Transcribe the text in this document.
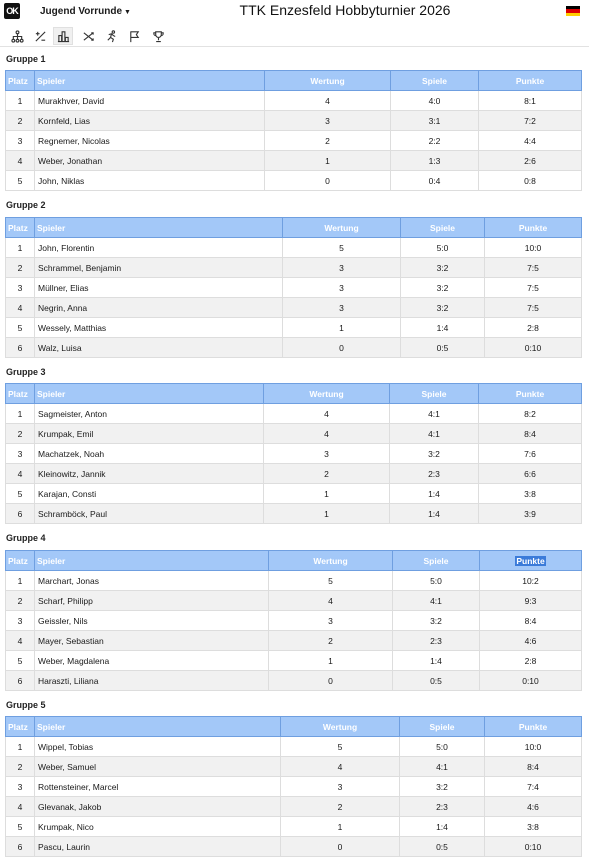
OK Jugend Vorrunde ▼	TTK Enzesfeld Hobbyturnier 2026
Gruppe 1
Platz	Spieler	Wertung	Spiele	Punkte
1	Murakhver, David	4	4:0	8:1
2	Kornfeld, Lias	3	3:1	7:2
3	Regnemer, Nicolas	2	2:2	4:4
4	Weber, Jonathan	1	1:3	2:6
5	John, Niklas	0	0:4	0:8
Gruppe 2
Platz	Spieler	Wertung	Spiele	Punkte
1	John, Florentin	5	5:0	10:0
2	Schrammel, Benjamin	3	3:2	7:5
3	Müllner, Elias	3	3:2	7:5
4	Negrin, Anna	3	3:2	7:5
5	Wessely, Matthias	1	1:4	2:8
6	Walz, Luisa	0	0:5	0:10
Gruppe 3
Platz	Spieler	Wertung	Spiele	Punkte
1	Sagmeister, Anton	4	4:1	8:2
2	Krumpak, Emil	4	4:1	8:4
3	Machatzek, Noah	3	3:2	7:6
4	Kleinowitz, Jannik	2	2:3	6:6
5	Karajan, Consti	1	1:4	3:8
6	Schramböck, Paul	1	1:4	3:9
Gruppe 4
Platz	Spieler	Wertung	Spiele	Punkte
1	Marchart, Jonas	5	5:0	10:2
2	Scharf, Philipp	4	4:1	9:3
3	Geissler, Nils	3	3:2	8:4
4	Mayer, Sebastian	2	2:3	4:6
5	Weber, Magdalena	1	1:4	2:8
6	Haraszti, Liliana	0	0:5	0:10
Gruppe 5
Platz	Spieler	Wertung	Spiele	Punkte
1	Wippel, Tobias	5	5:0	10:0
2	Weber, Samuel	4	4:1	8:4
3	Rottensteiner, Marcel	3	3:2	7:4
4	Glevanak, Jakob	2	2:3	4:6
5	Krumpak, Nico	1	1:4	3:8
6	Pascu, Laurin	0	0:5	0:10
